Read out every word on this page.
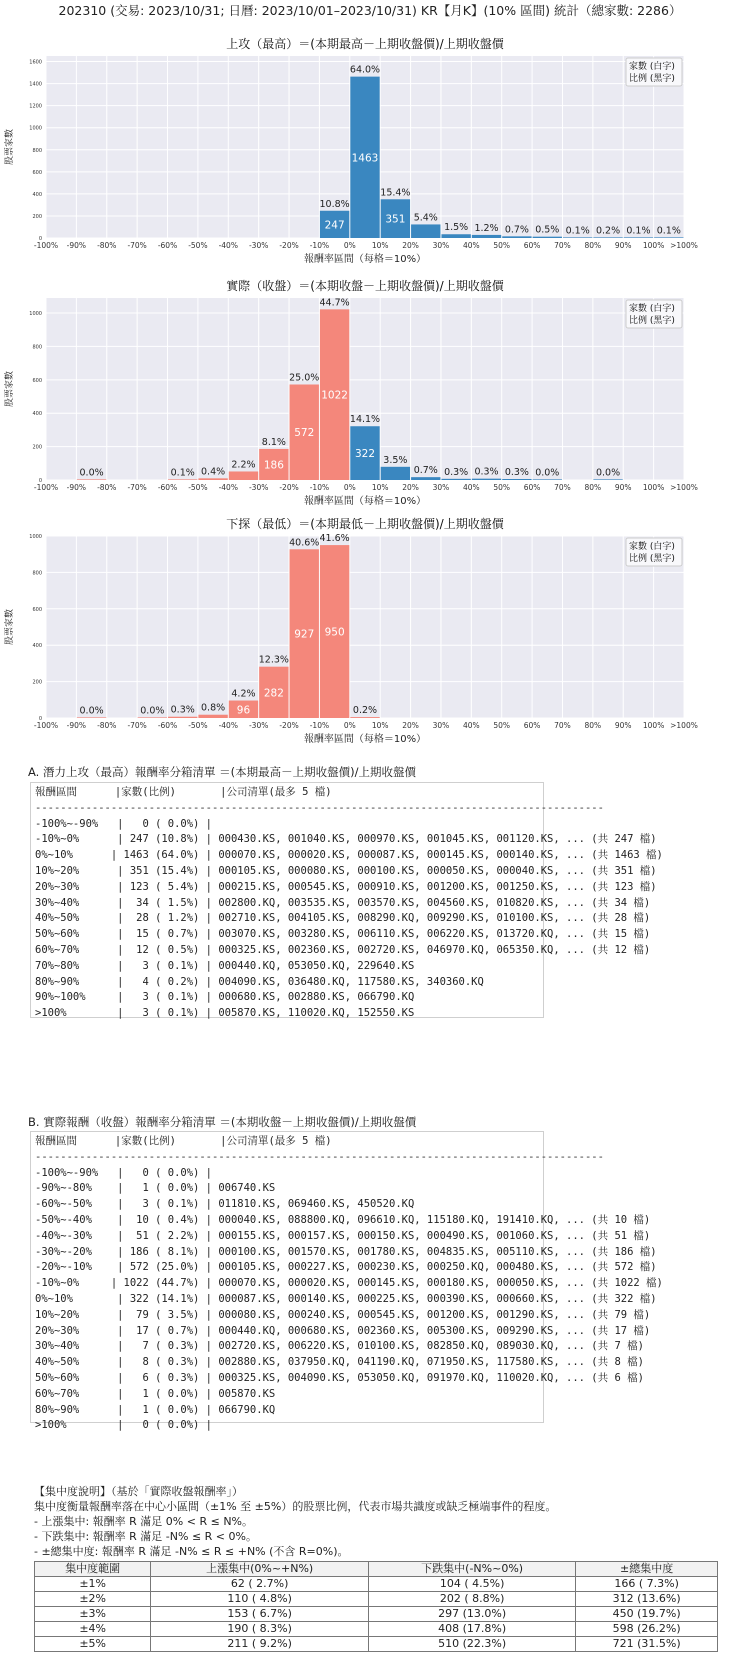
202310 (交易: 2023/10/31; 日曆: 2023/10/01–2023/10/31) KR【月K】(10% 區間) 統計（總家數: 2286）
0
200
400
600
800
1000
1200
1400
1600
-100% -90% -80% -70% -60% -50% -40% -30% -20% -10% 0% 10% 20% 30% 40% 50% 60% 70% 80% 90% 100% >100%
10.8%
247
64.0%
1463
15.4%
351 5.4%
1.5% 1.2% 0.7% 0.5% 0.1% 0.2% 0.1% 0.1%
上攻（最高）＝(本期最高－上期收盤價)/上期收盤價
報酬率區間（每格＝10%）
股票家數
家數 (白字)
比例 (黑字)
0
200
400
600
800
1000
-100% -90% -80% -70% -60% -50% -40% -30% -20% -10% 0% 10% 20% 30% 40% 50% 60% 70% 80% 90% 100% >100%
0.0%	0.1% 0.4%
2.2%
8.1%
186
25.0%
572
44.7%
1022
14.1%
322
3.5%
0.7% 0.3% 0.3% 0.3% 0.0%	0.0%
實際（收盤）＝(本期收盤－上期收盤價)/上期收盤價
報酬率區間（每格＝10%）
股票家數
家數 (白字)
比例 (黑字)
0
200
400
600
800
1000
-100% -90% -80% -70% -60% -50% -40% -30% -20% -10% 0% 10% 20% 30% 40% 50% 60% 70% 80% 90% 100% >100%
0.0%	0.0% 0.3% 0.8%
4.2%
96
12.3%
282
40.6%
927
41.6%
950
0.2%
下探（最低）＝(本期最低－上期收盤價)/上期收盤價
報酬率區間（每格＝10%）
股票家數
家數 (白字)
比例 (黑字)
A. 潛力上攻（最高）報酬率分箱清單 ＝(本期最高－上期收盤價)/上期收盤價
報酬區間      |家數(比例)       |公司清單(最多 5 檔)
------------------------------------------------------------------------------------------
-100%~-90%   |   0 ( 0.0%) |
-10%~0%      | 247 (10.8%) | 000430.KS, 001040.KS, 000970.KS, 001045.KS, 001120.KS, ... (共 247 檔)
0%~10%      | 1463 (64.0%) | 000070.KS, 000020.KS, 000087.KS, 000145.KS, 000140.KS, ... (共 1463 檔)
10%~20%      | 351 (15.4%) | 000105.KS, 000080.KS, 000100.KS, 000050.KS, 000040.KS, ... (共 351 檔)
20%~30%      | 123 ( 5.4%) | 000215.KS, 000545.KS, 000910.KS, 001200.KS, 001250.KS, ... (共 123 檔)
30%~40%      |  34 ( 1.5%) | 002800.KQ, 003535.KS, 003570.KS, 004560.KS, 010820.KS, ... (共 34 檔)
40%~50%      |  28 ( 1.2%) | 002710.KS, 004105.KS, 008290.KQ, 009290.KS, 010100.KS, ... (共 28 檔)
50%~60%      |  15 ( 0.7%) | 003070.KS, 003280.KS, 006110.KS, 006220.KS, 013720.KQ, ... (共 15 檔)
60%~70%      |  12 ( 0.5%) | 000325.KS, 002360.KS, 002720.KS, 046970.KQ, 065350.KQ, ... (共 12 檔)
70%~80%      |   3 ( 0.1%) | 000440.KQ, 053050.KQ, 229640.KS
80%~90%      |   4 ( 0.2%) | 004090.KS, 036480.KQ, 117580.KS, 340360.KQ
90%~100%     |   3 ( 0.1%) | 000680.KS, 002880.KS, 066790.KQ
>100%        |   3 ( 0.1%) | 005870.KS, 110020.KQ, 152550.KS
B. 實際報酬（收盤）報酬率分箱清單 ＝(本期收盤－上期收盤價)/上期收盤價
報酬區間      |家數(比例)       |公司清單(最多 5 檔)
------------------------------------------------------------------------------------------
-100%~-90%   |   0 ( 0.0%) |
-90%~-80%    |   1 ( 0.0%) | 006740.KS
-60%~-50%    |   3 ( 0.1%) | 011810.KS, 069460.KS, 450520.KQ
-50%~-40%    |  10 ( 0.4%) | 000040.KS, 088800.KQ, 096610.KQ, 115180.KQ, 191410.KQ, ... (共 10 檔)
-40%~-30%    |  51 ( 2.2%) | 000155.KS, 000157.KS, 000150.KS, 000490.KS, 001060.KS, ... (共 51 檔)
-30%~-20%    | 186 ( 8.1%) | 000100.KS, 001570.KS, 001780.KS, 004835.KS, 005110.KS, ... (共 186 檔)
-20%~-10%    | 572 (25.0%) | 000105.KS, 000227.KS, 000230.KS, 000250.KQ, 000480.KS, ... (共 572 檔)
-10%~0%     | 1022 (44.7%) | 000070.KS, 000020.KS, 000145.KS, 000180.KS, 000050.KS, ... (共 1022 檔)
0%~10%       | 322 (14.1%) | 000087.KS, 000140.KS, 000225.KS, 000390.KS, 000660.KS, ... (共 322 檔)
10%~20%      |  79 ( 3.5%) | 000080.KS, 000240.KS, 000545.KS, 001200.KS, 001290.KS, ... (共 79 檔)
20%~30%      |  17 ( 0.7%) | 000440.KQ, 000680.KS, 002360.KS, 005300.KS, 009290.KS, ... (共 17 檔)
30%~40%      |   7 ( 0.3%) | 002720.KS, 006220.KS, 010100.KS, 082850.KQ, 089030.KQ, ... (共 7 檔)
40%~50%      |   8 ( 0.3%) | 002880.KS, 037950.KQ, 041190.KQ, 071950.KS, 117580.KS, ... (共 8 檔)
50%~60%      |   6 ( 0.3%) | 000325.KS, 004090.KS, 053050.KQ, 091970.KQ, 110020.KQ, ... (共 6 檔)
60%~70%      |   1 ( 0.0%) | 005870.KS
80%~90%      |   1 ( 0.0%) | 066790.KQ
>100%        |   0 ( 0.0%) |
【集中度說明】（基於「實際收盤報酬率」）
集中度衡量報酬率落在中心小區間（±1% 至 ±5%）的股票比例，代表市場共識度或缺乏極端事件的程度。
- 上漲集中: 報酬率 R 滿足 0% < R ≤ N%。
- 下跌集中: 報酬率 R 滿足 -N% ≤ R < 0%。
- ±總集中度: 報酬率 R 滿足 -N% ≤ R ≤ +N% (不含 R=0%)。
集中度範圍	上漲集中(0%~+N%)	下跌集中(-N%~0%)	±總集中度
±1%	62 ( 2.7%)	104 ( 4.5%)	166 ( 7.3%)
±2%	110 ( 4.8%)	202 ( 8.8%)	312 (13.6%)
±3%	153 ( 6.7%)	297 (13.0%)	450 (19.7%)
±4%	190 ( 8.3%)	408 (17.8%)	598 (26.2%)
±5%	211 ( 9.2%)	510 (22.3%)	721 (31.5%)
